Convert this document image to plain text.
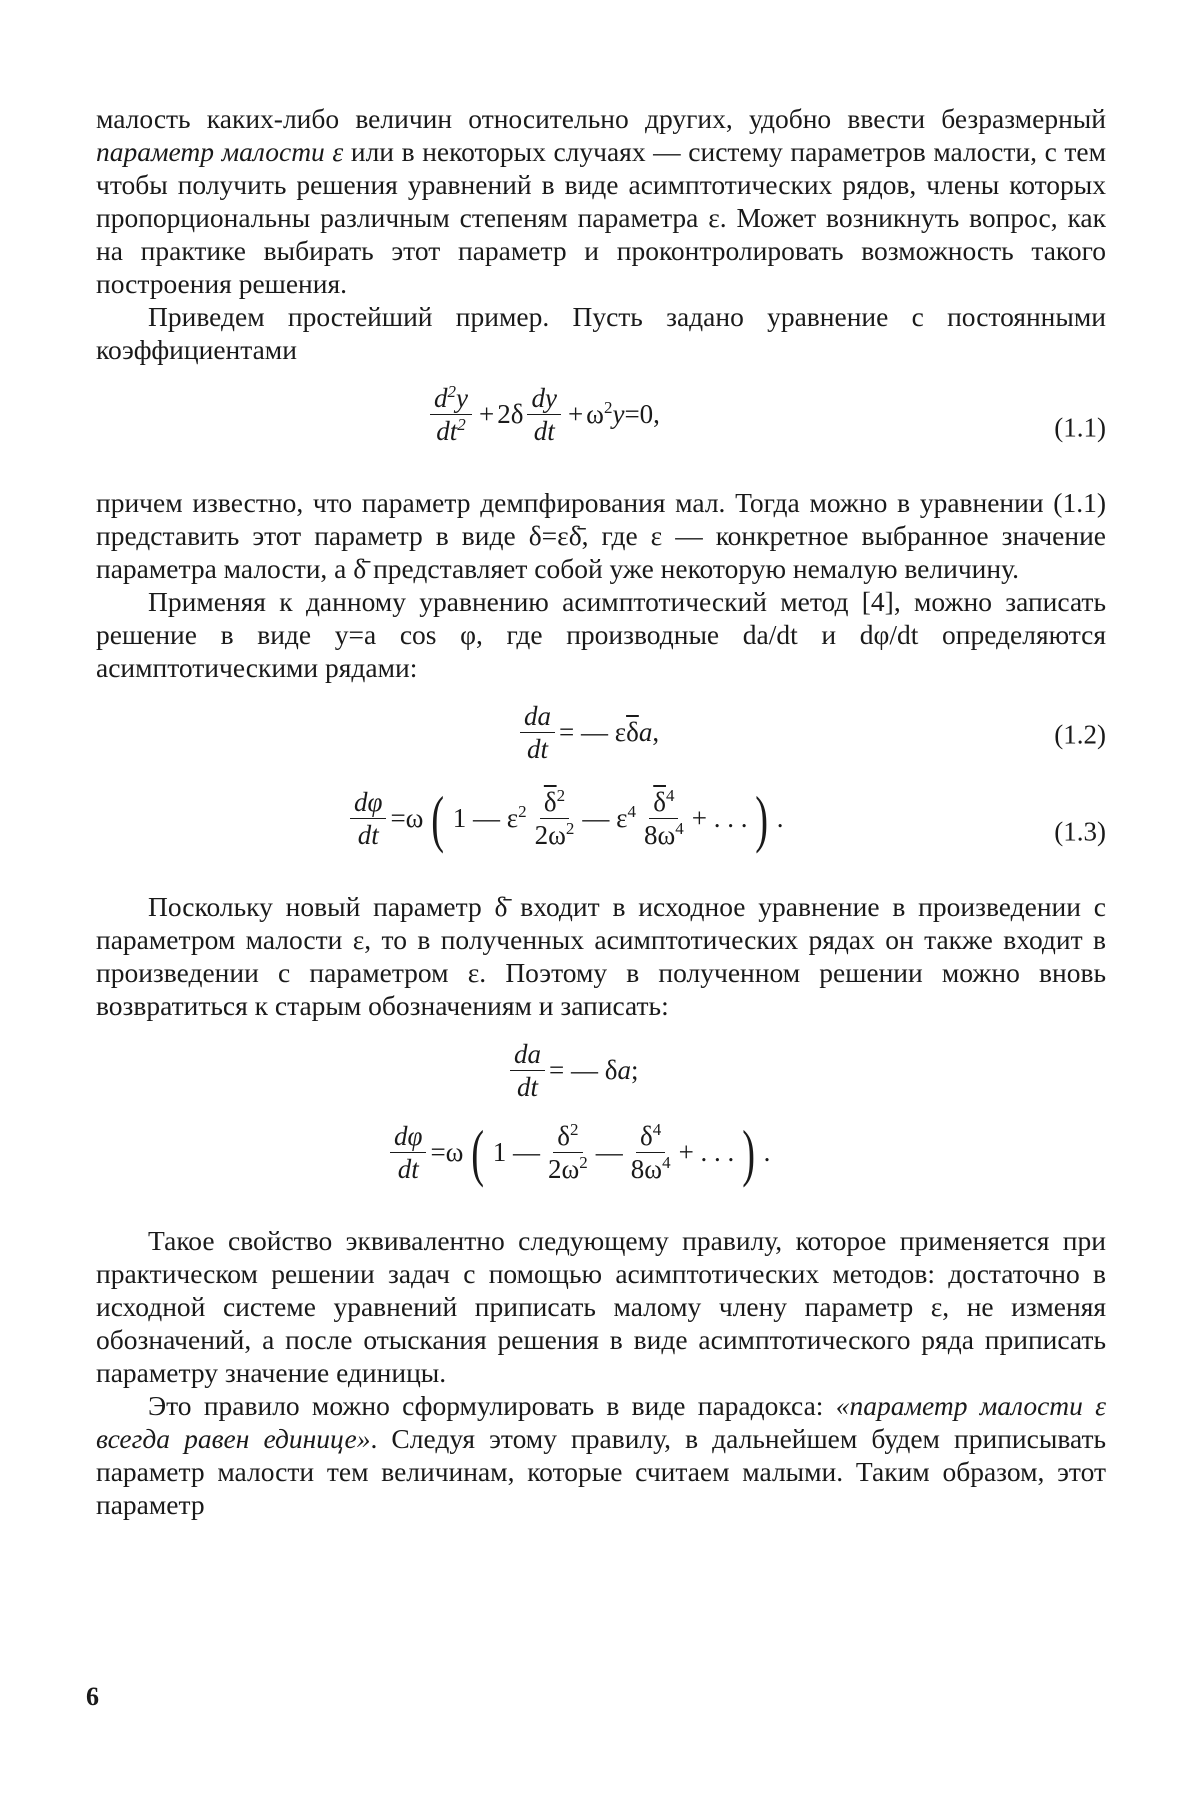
малость каких-либо величин относительно других, удобно ввести безразмерный параметр малости ε или в некоторых случаях — систему параметров малости, с тем чтобы получить решения уравнений в виде асимптотических рядов, члены которых пропорциональны различным степеням параметра ε. Может возникнуть вопрос, как на практике выбирать этот параметр и проконтролировать возможность такого построения решения.

Приведем простейший пример. Пусть задано уравнение с постоянными коэффициентами

$\frac{d^2y}{dt^2} + 2\delta \frac{dy}{dt} + \omega^2y=0$,	(1.1)

причем известно, что параметр демпфирования мал. Тогда можно в уравнении (1.1) представить этот параметр в виде δ=εδ̄, где ε — конкретное выбранное значение параметра малости, а δ̄ представляет собой уже некоторую немалую величину.

Применяя к данному уравнению асимптотический метод [4], можно записать решение в виде y=a cos φ, где производные da/dt и dφ/dt определяются асимптотическими рядами:

$\frac{da}{dt}$ = — $\varepsilon\overline{\delta}a$,	(1.2)
$\frac{d\varphi}{dt} =\omega$ ( 1 — $\varepsilon^2 \frac{\overline{\delta}^2}{2\omega^2}$ — $\varepsilon^4 \frac{\overline{\delta}^4}{8\omega^4}$ + . . . ) .	(1.3)

Поскольку новый параметр δ̄ входит в исходное уравнение в произведении с параметром малости ε, то в полученных асимптотических рядах он также входит в произведении с параметром ε. Поэтому в полученном решении можно вновь возвратиться к старым обозначениям и записать:

$\frac{da}{dt}$ = — δa;
$\frac{d\varphi}{dt} =\omega$ ( 1 — $\frac{\delta^2}{2\omega^2}$ — $\frac{\delta^4}{8\omega^4}$ + . . . ) .

Такое свойство эквивалентно следующему правилу, которое применяется при практическом решении задач с помощью асимптотических методов: достаточно в исходной системе уравнений приписать малому члену параметр ε, не изменяя обозначений, а после отыскания решения в виде асимптотического ряда приписать параметру значение единицы.

Это правило можно сформулировать в виде парадокса: «параметр малости ε всегда равен единице». Следуя этому правилу, в дальнейшем будем приписывать параметр малости тем величинам, которые считаем малыми. Таким образом, этот параметр

6
